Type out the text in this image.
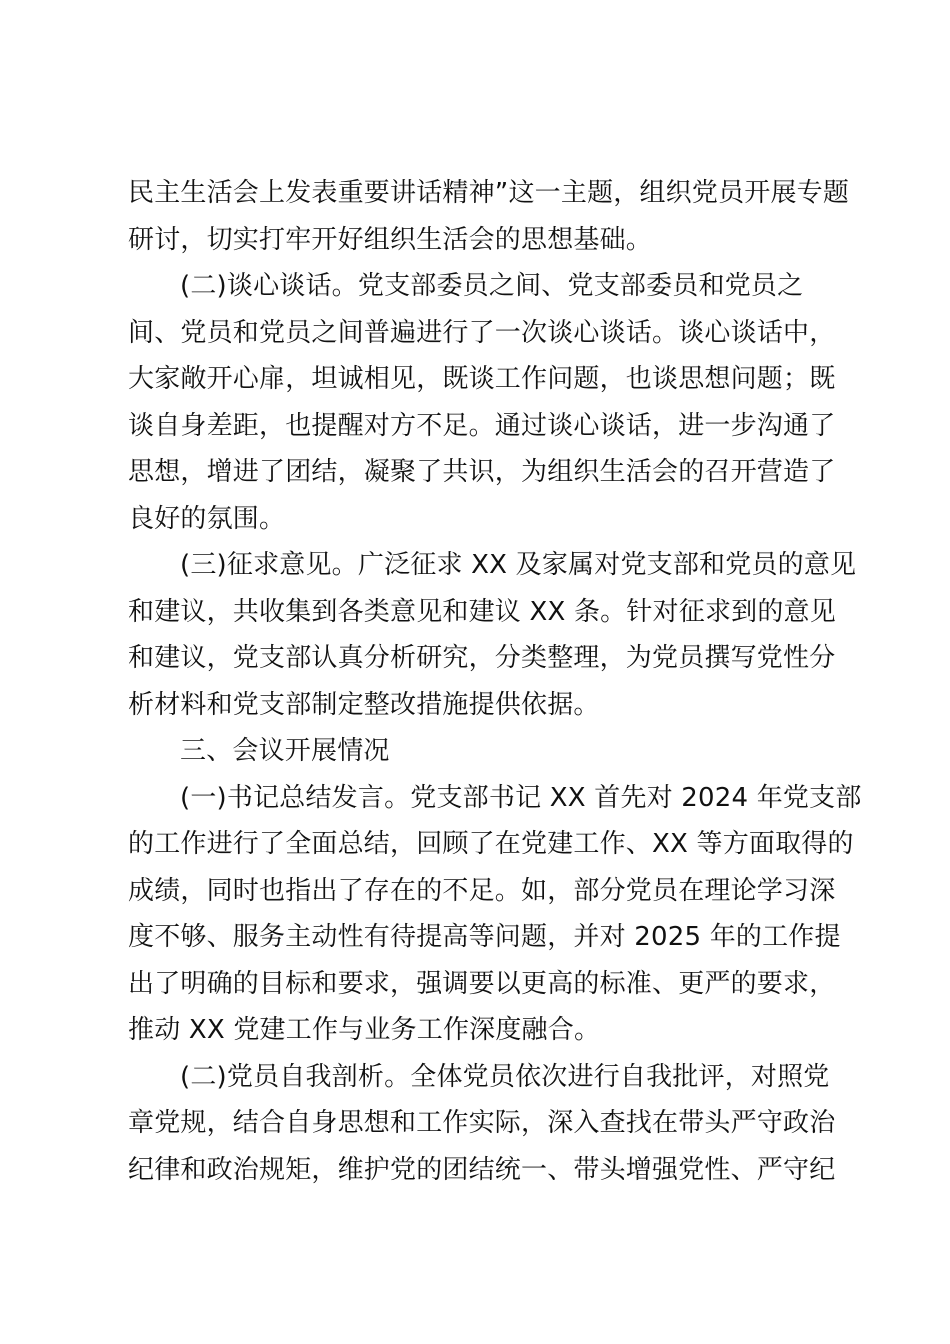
民主生活会上发表重要讲话精神”这一主题，组织党员开展专题
研讨，切实打牢开好组织生活会的思想基础。
(二)谈心谈话。党支部委员之间、党支部委员和党员之
间、党员和党员之间普遍进行了一次谈心谈话。谈心谈话中，
大家敞开心扉，坦诚相见，既谈工作问题，也谈思想问题；既
谈自身差距，也提醒对方不足。通过谈心谈话，进一步沟通了
思想，增进了团结，凝聚了共识，为组织生活会的召开营造了
良好的氛围。
(三)征求意见。广泛征求 XX 及家属对党支部和党员的意见
和建议，共收集到各类意见和建议 XX 条。针对征求到的意见
和建议，党支部认真分析研究，分类整理，为党员撰写党性分
析材料和党支部制定整改措施提供依据。
三、会议开展情况
(一)书记总结发言。党支部书记 XX 首先对 2024 年党支部
的工作进行了全面总结，回顾了在党建工作、XX 等方面取得的
成绩，同时也指出了存在的不足。如，部分党员在理论学习深
度不够、服务主动性有待提高等问题，并对 2025 年的工作提
出了明确的目标和要求，强调要以更高的标准、更严的要求，
推动 XX 党建工作与业务工作深度融合。
(二)党员自我剖析。全体党员依次进行自我批评，对照党
章党规，结合自身思想和工作实际，深入查找在带头严守政治
纪律和政治规矩，维护党的团结统一、带头增强党性、严守纪
